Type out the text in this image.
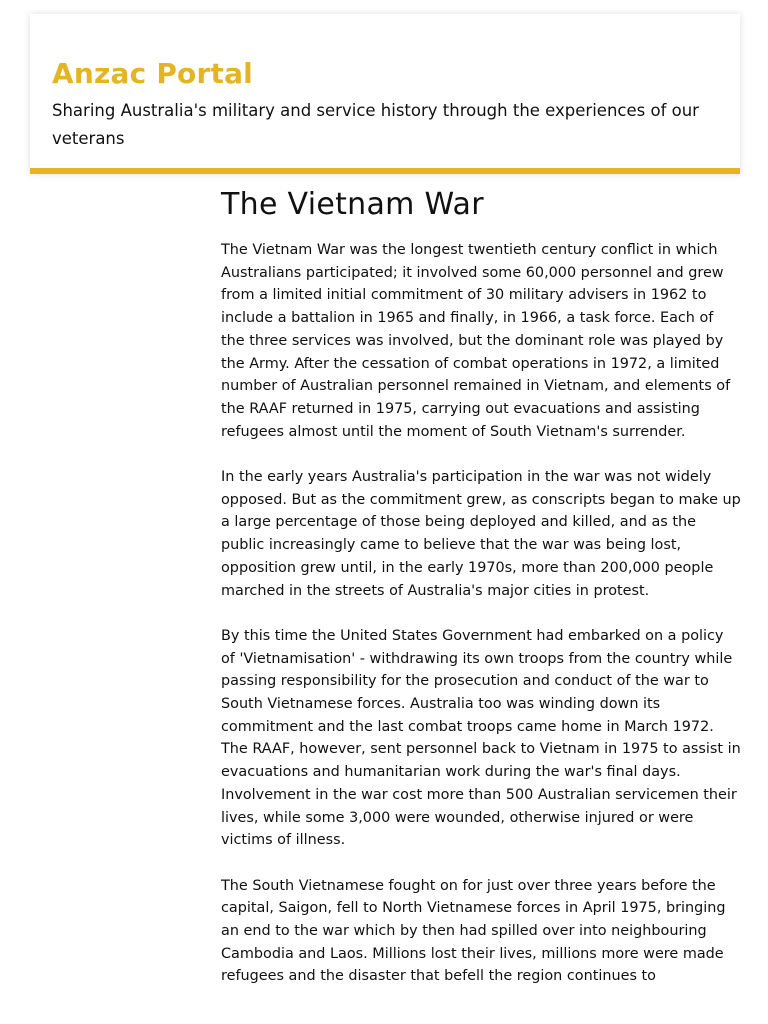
Anzac Portal

Sharing Australia's military and service history through the experiences of our veterans

The Vietnam War

The Vietnam War was the longest twentieth century conflict in which Australians participated; it involved some 60,000 personnel and grew from a limited initial commitment of 30 military advisers in 1962 to include a battalion in 1965 and finally, in 1966, a task force. Each of the three services was involved, but the dominant role was played by the Army. After the cessation of combat operations in 1972, a limited number of Australian personnel remained in Vietnam, and elements of the RAAF returned in 1975, carrying out evacuations and assisting refugees almost until the moment of South Vietnam's surrender.

In the early years Australia's participation in the war was not widely opposed. But as the commitment grew, as conscripts began to make up a large percentage of those being deployed and killed, and as the public increasingly came to believe that the war was being lost, opposition grew until, in the early 1970s, more than 200,000 people marched in the streets of Australia's major cities in protest.

By this time the United States Government had embarked on a policy of 'Vietnamisation' - withdrawing its own troops from the country while passing responsibility for the prosecution and conduct of the war to South Vietnamese forces. Australia too was winding down its commitment and the last combat troops came home in March 1972. The RAAF, however, sent personnel back to Vietnam in 1975 to assist in evacuations and humanitarian work during the war's final days. Involvement in the war cost more than 500 Australian servicemen their lives, while some 3,000 were wounded, otherwise injured or were victims of illness.

The South Vietnamese fought on for just over three years before the capital, Saigon, fell to North Vietnamese forces in April 1975, bringing an end to the war which by then had spilled over into neighbouring Cambodia and Laos. Millions lost their lives, millions more were made refugees and the disaster that befell the region continues to
